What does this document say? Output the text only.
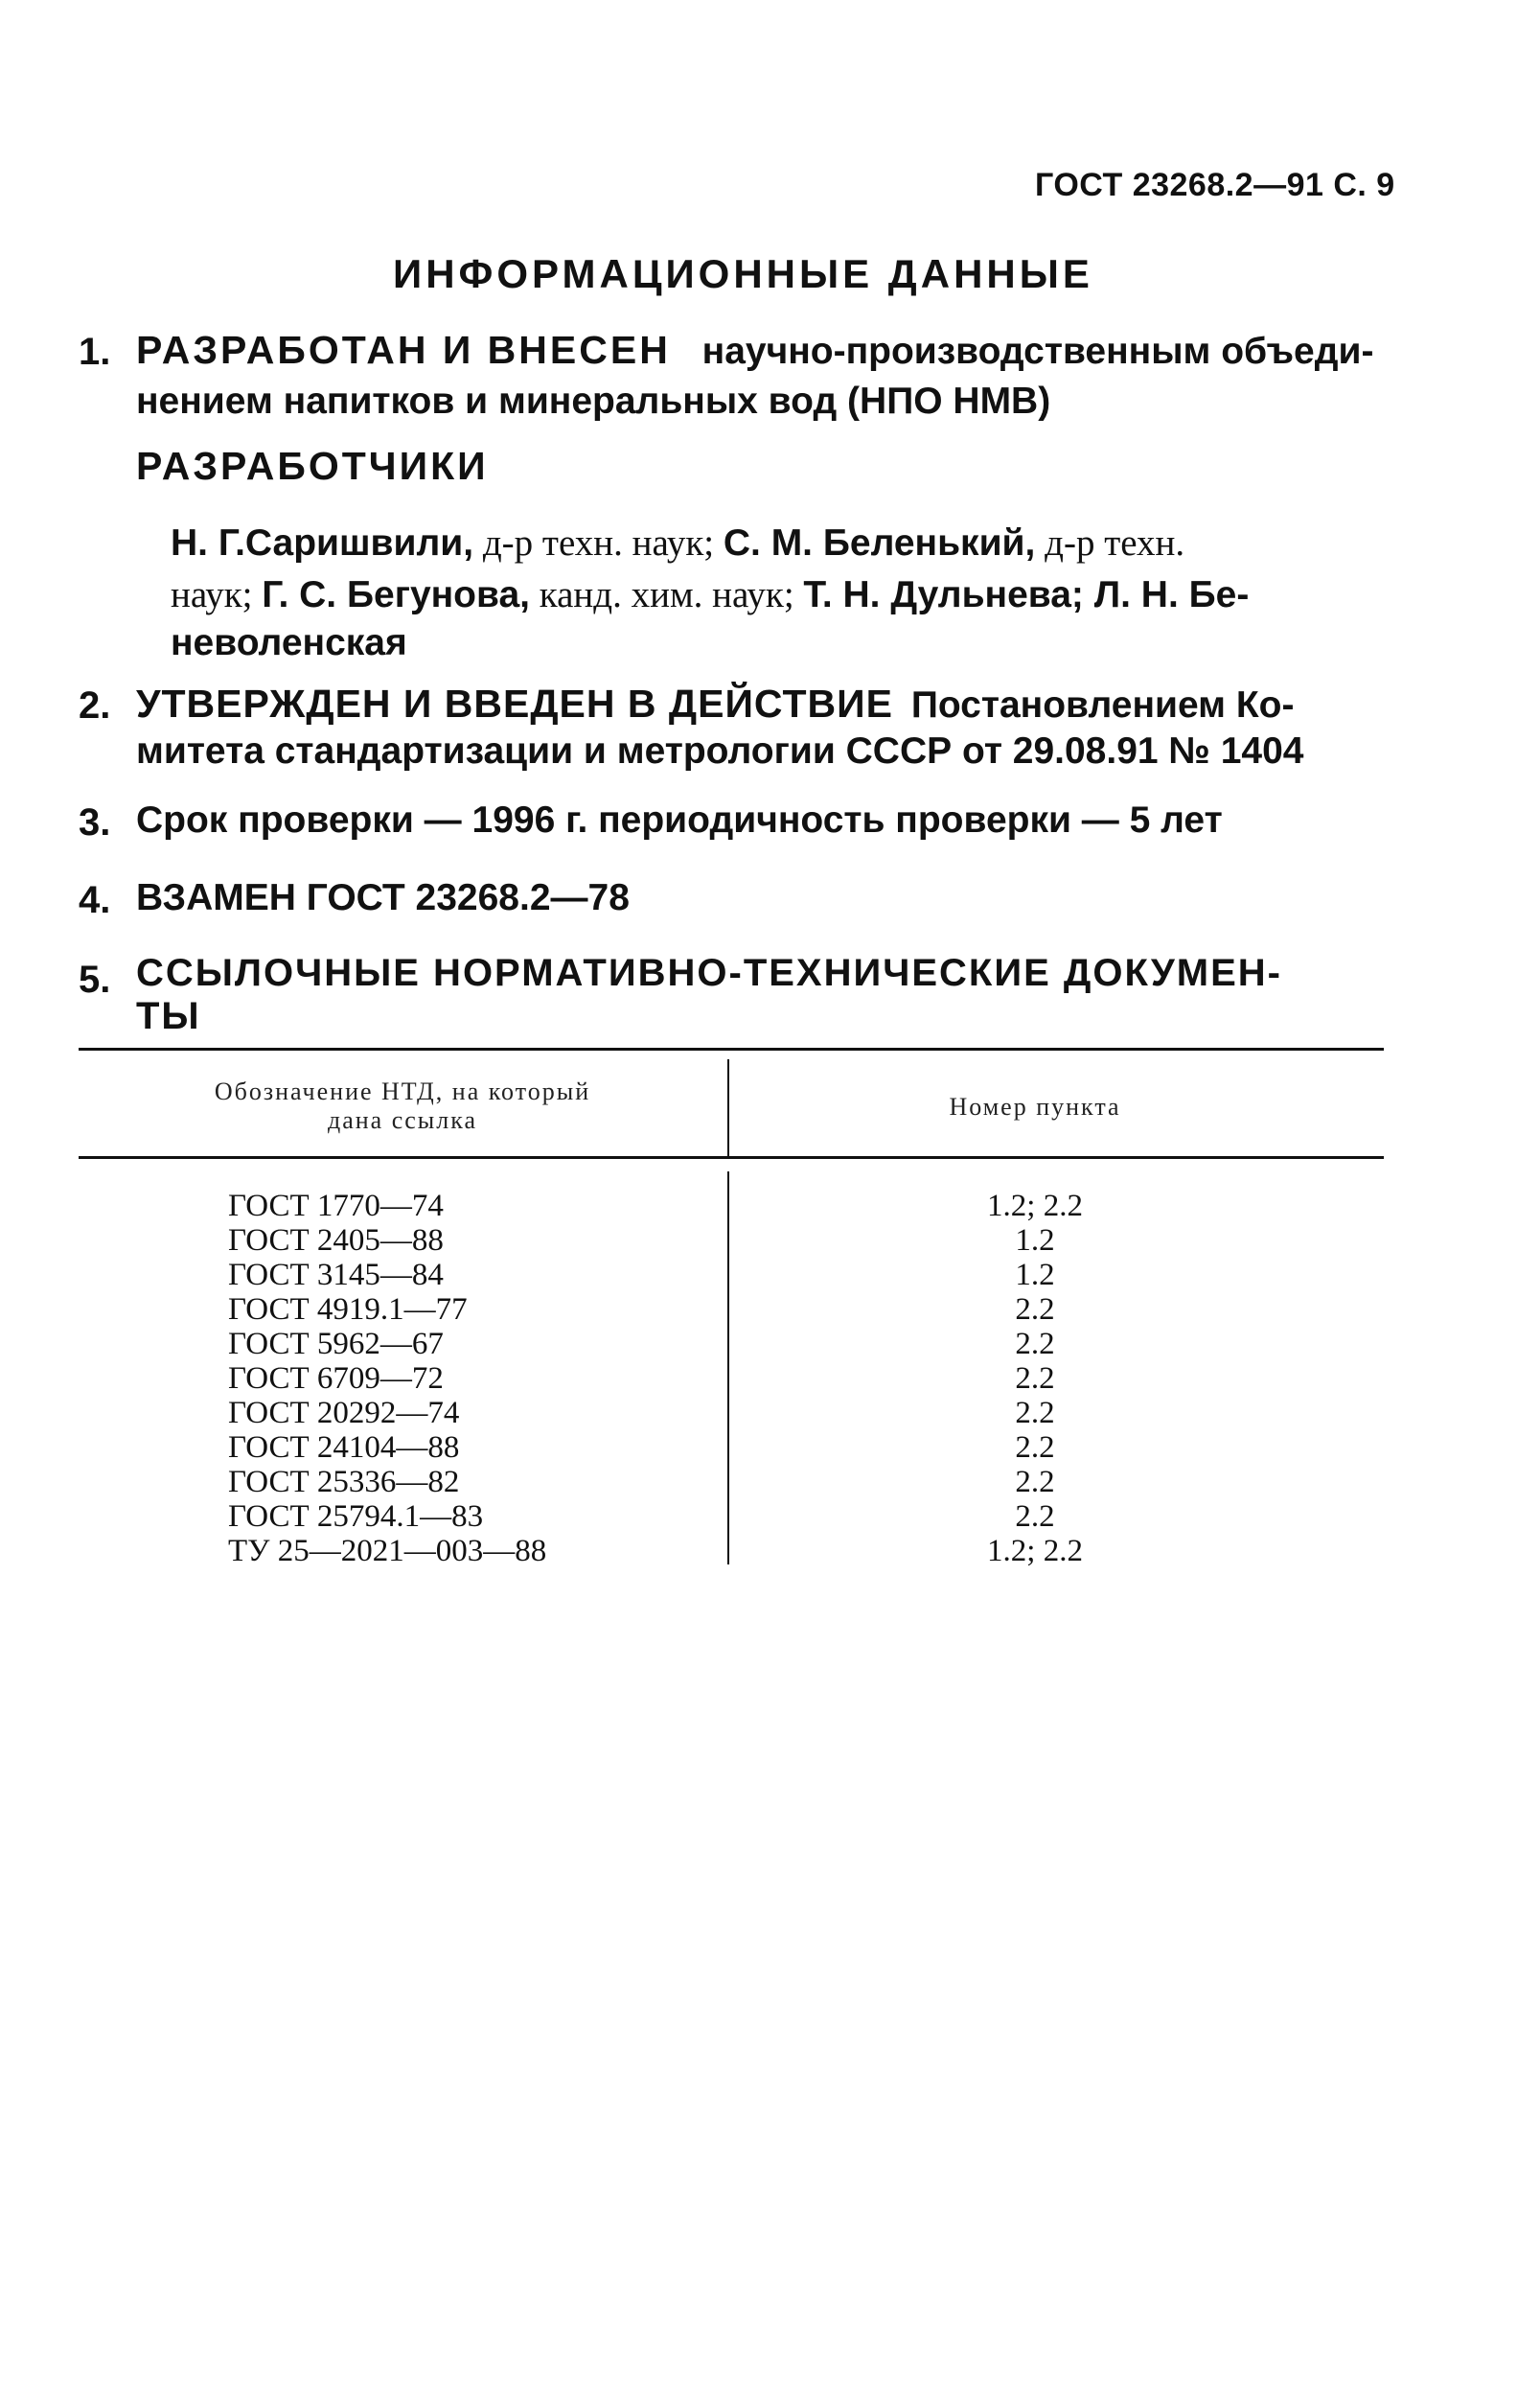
ГОСТ 23268.2—91 С. 9
ИНФОРМАЦИОННЫЕ ДАННЫЕ
1. РАЗРАБОТАН И ВНЕСЕН научно-производственным объеди-
нением напитков и минеральных вод (НПО НМВ)
РАЗРАБОТЧИКИ
Н. Г.Саришвили, д-р техн. наук; С. М. Беленький, д-р техн.
наук; Г. С. Бегунова, канд. хим. наук; Т. Н. Дульнева; Л. Н. Бе-
неволенская
2. УТВЕРЖДЕН И ВВЕДЕН В ДЕЙСТВИЕ Постановлением Ко-
митета стандартизации и метрологии СССР от 29.08.91 № 1404
3. Срок проверки — 1996 г. периодичность проверки — 5 лет
4. ВЗАМЕН ГОСТ 23268.2—78
5. ССЫЛОЧНЫЕ НОРМАТИВНО-ТЕХНИЧЕСКИЕ ДОКУМЕН-
ТЫ
Обозначение НТД, на который
дана ссылка	Номер пункта
ГОСТ 1770—74	1.2; 2.2
ГОСТ 2405—88	1.2
ГОСТ 3145—84	1.2
ГОСТ 4919.1—77	2.2
ГОСТ 5962—67	2.2
ГОСТ 6709—72	2.2
ГОСТ 20292—74	2.2
ГОСТ 24104—88	2.2
ГОСТ 25336—82	2.2
ГОСТ 25794.1—83	2.2
ТУ 25—2021—003—88	1.2; 2.2
